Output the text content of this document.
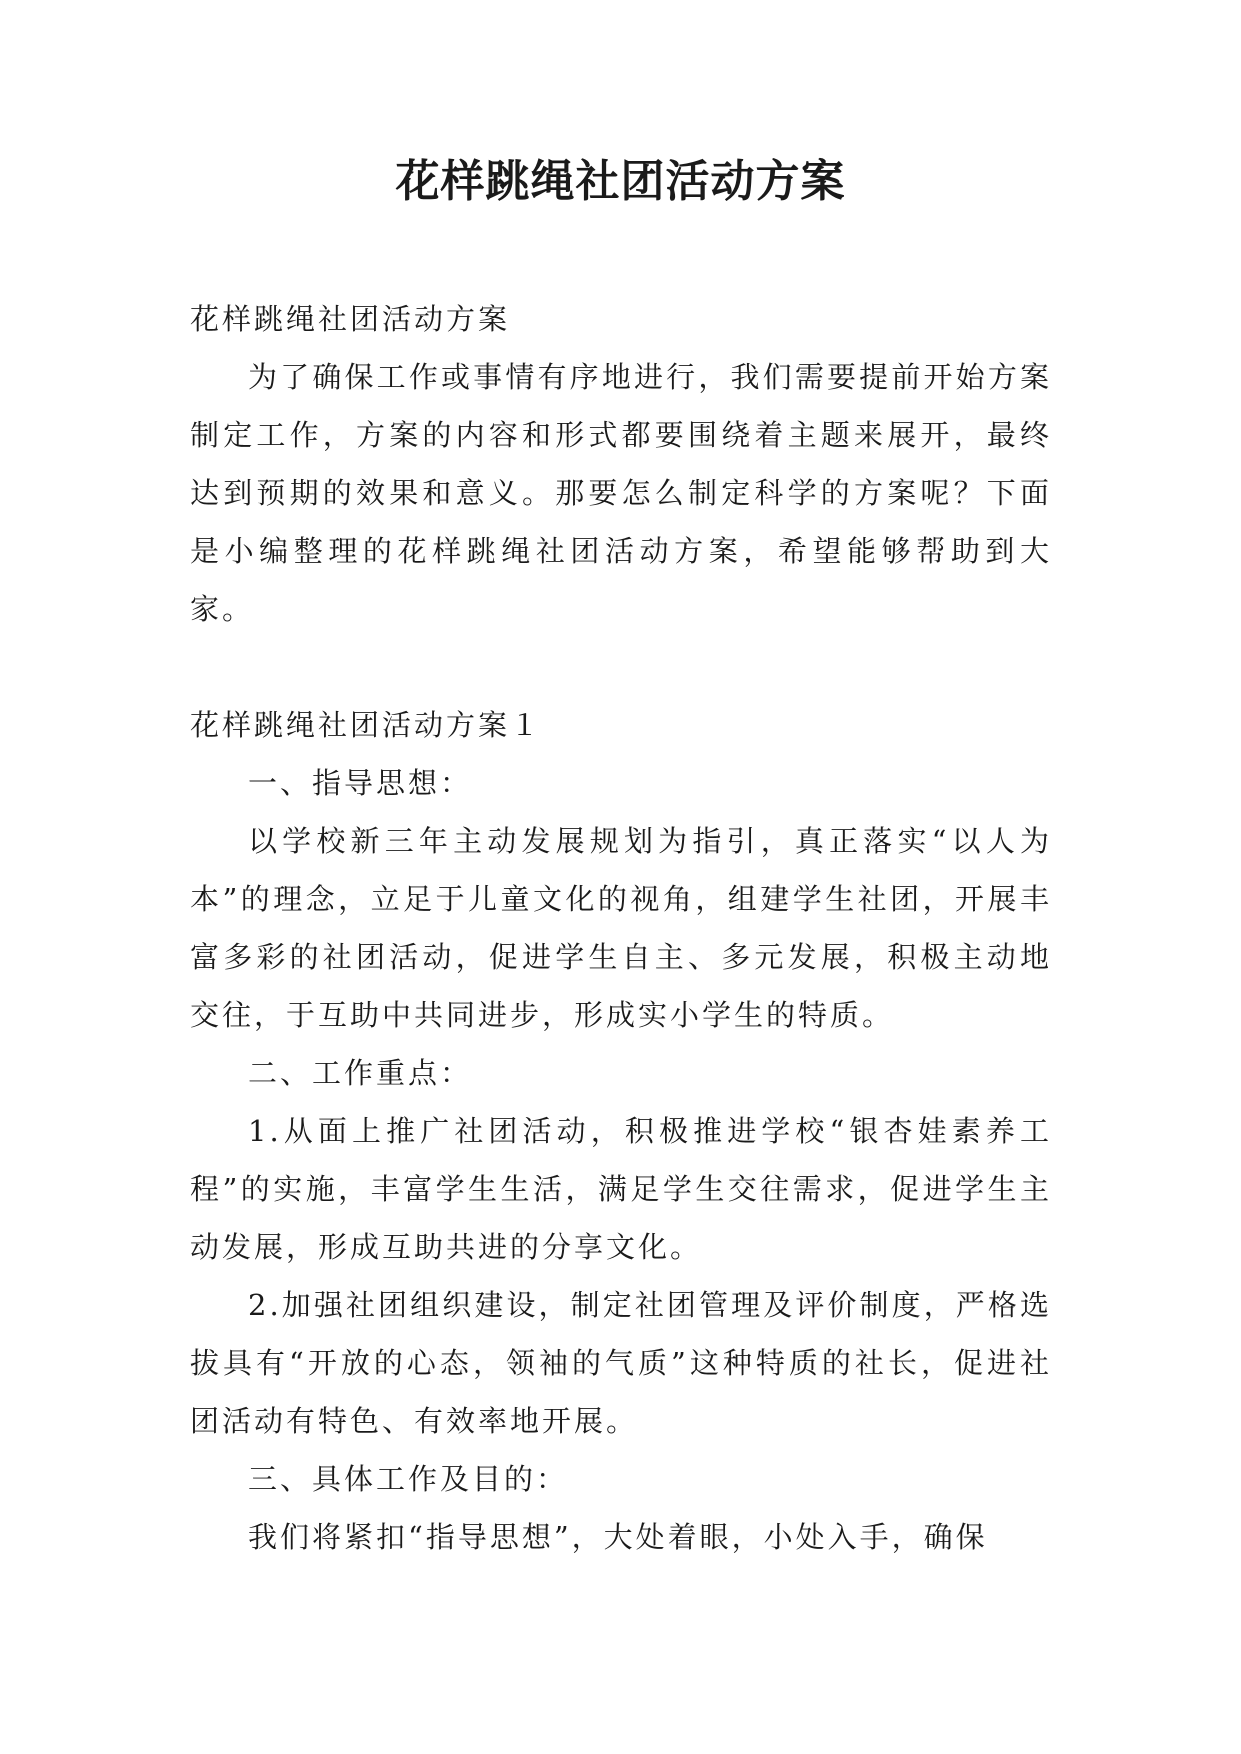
花样跳绳社团活动方案

花样跳绳社团活动方案

为了确保工作或事情有序地进行，我们需要提前开始方案制定工作，方案的内容和形式都要围绕着主题来展开，最终达到预期的效果和意义。那要怎么制定科学的方案呢？下面是小编整理的花样跳绳社团活动方案，希望能够帮助到大家。

花样跳绳社团活动方案１

一、指导思想：

以学校新三年主动发展规划为指引，真正落实“以人为本”的理念，立足于儿童文化的视角，组建学生社团，开展丰富多彩的社团活动，促进学生自主、多元发展，积极主动地交往，于互助中共同进步，形成实小学生的特质。

二、工作重点：

1.从面上推广社团活动，积极推进学校“银杏娃素养工程”的实施，丰富学生生活，满足学生交往需求，促进学生主动发展，形成互助共进的分享文化。

2.加强社团组织建设，制定社团管理及评价制度，严格选拔具有“开放的心态，领袖的气质”这种特质的社长，促进社团活动有特色、有效率地开展。

三、具体工作及目的：

我们将紧扣“指导思想”，大处着眼，小处入手，确保
